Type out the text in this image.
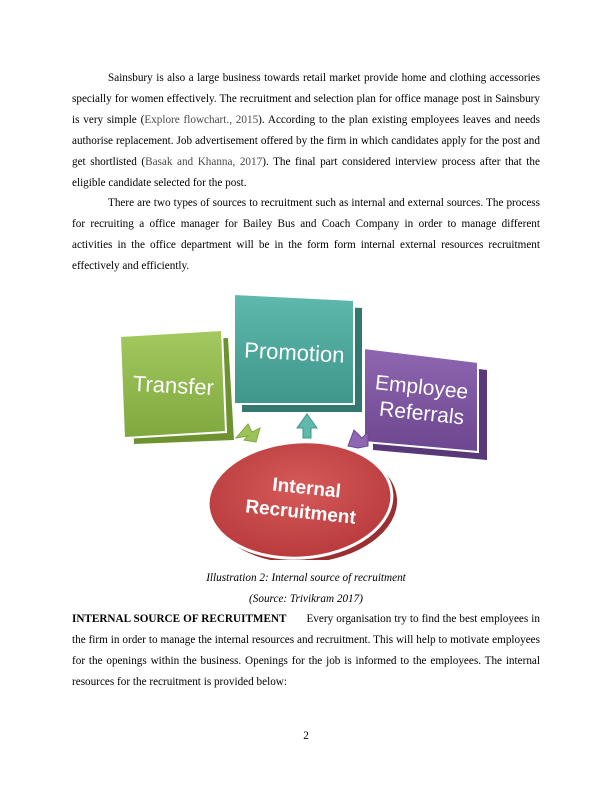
Sainsbury is also a large business towards retail market provide home and clothing accessories specially for women effectively. The recruitment and selection plan for office manage post in Sainsbury is very simple (Explore flowchart., 2015). According to the plan existing employees leaves and needs authorise replacement. Job advertisement offered by the firm in which candidates apply for the post and get shortlisted (Basak and Khanna, 2017). The final part considered interview process after that the eligible candidate selected for the post.

There are two types of sources to recruitment such as internal and external sources. The process for recruiting a office manager for Bailey Bus and Coach Company in order to manage different activities in the office department will be in the form form internal external resources recruitment effectively and efficiently.

Transfer
Promotion
Employee
Referrals
Internal
Recruitment

Illustration 2: Internal source of recruitment

(Source: Trivikram 2017)

INTERNAL SOURCE OF RECRUITMENT Every organisation try to find the best employees in the firm in order to manage the internal resources and recruitment. This will help to motivate employees for the openings within the business. Openings for the job is informed to the employees. The internal resources for the recruitment is provided below:

2
